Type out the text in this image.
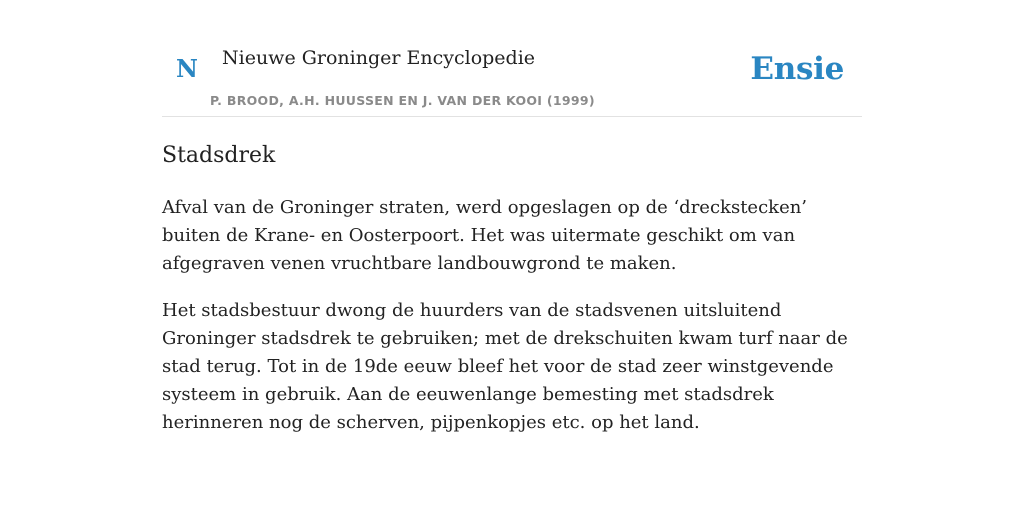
N Nieuwe Groninger Encyclopedie
P. BROOD, A.H. HUUSSEN EN J. VAN DER KOOI (1999)
Ensie
Stadsdrek

Afval van de Groninger straten, werd opgeslagen op de ‘dreckstecken’ buiten de Krane- en Oosterpoort. Het was uitermate geschikt om van afgegraven venen vruchtbare landbouwgrond te maken.

Het stadsbestuur dwong de huurders van de stadsvenen uitsluitend Groninger stadsdrek te gebruiken; met de drekschuiten kwam turf naar de stad terug. Tot in de 19de eeuw bleef het voor de stad zeer winstgevende systeem in gebruik. Aan de eeuwenlange bemesting met stadsdrek herinneren nog de scherven, pijpenkopjes etc. op het land.
